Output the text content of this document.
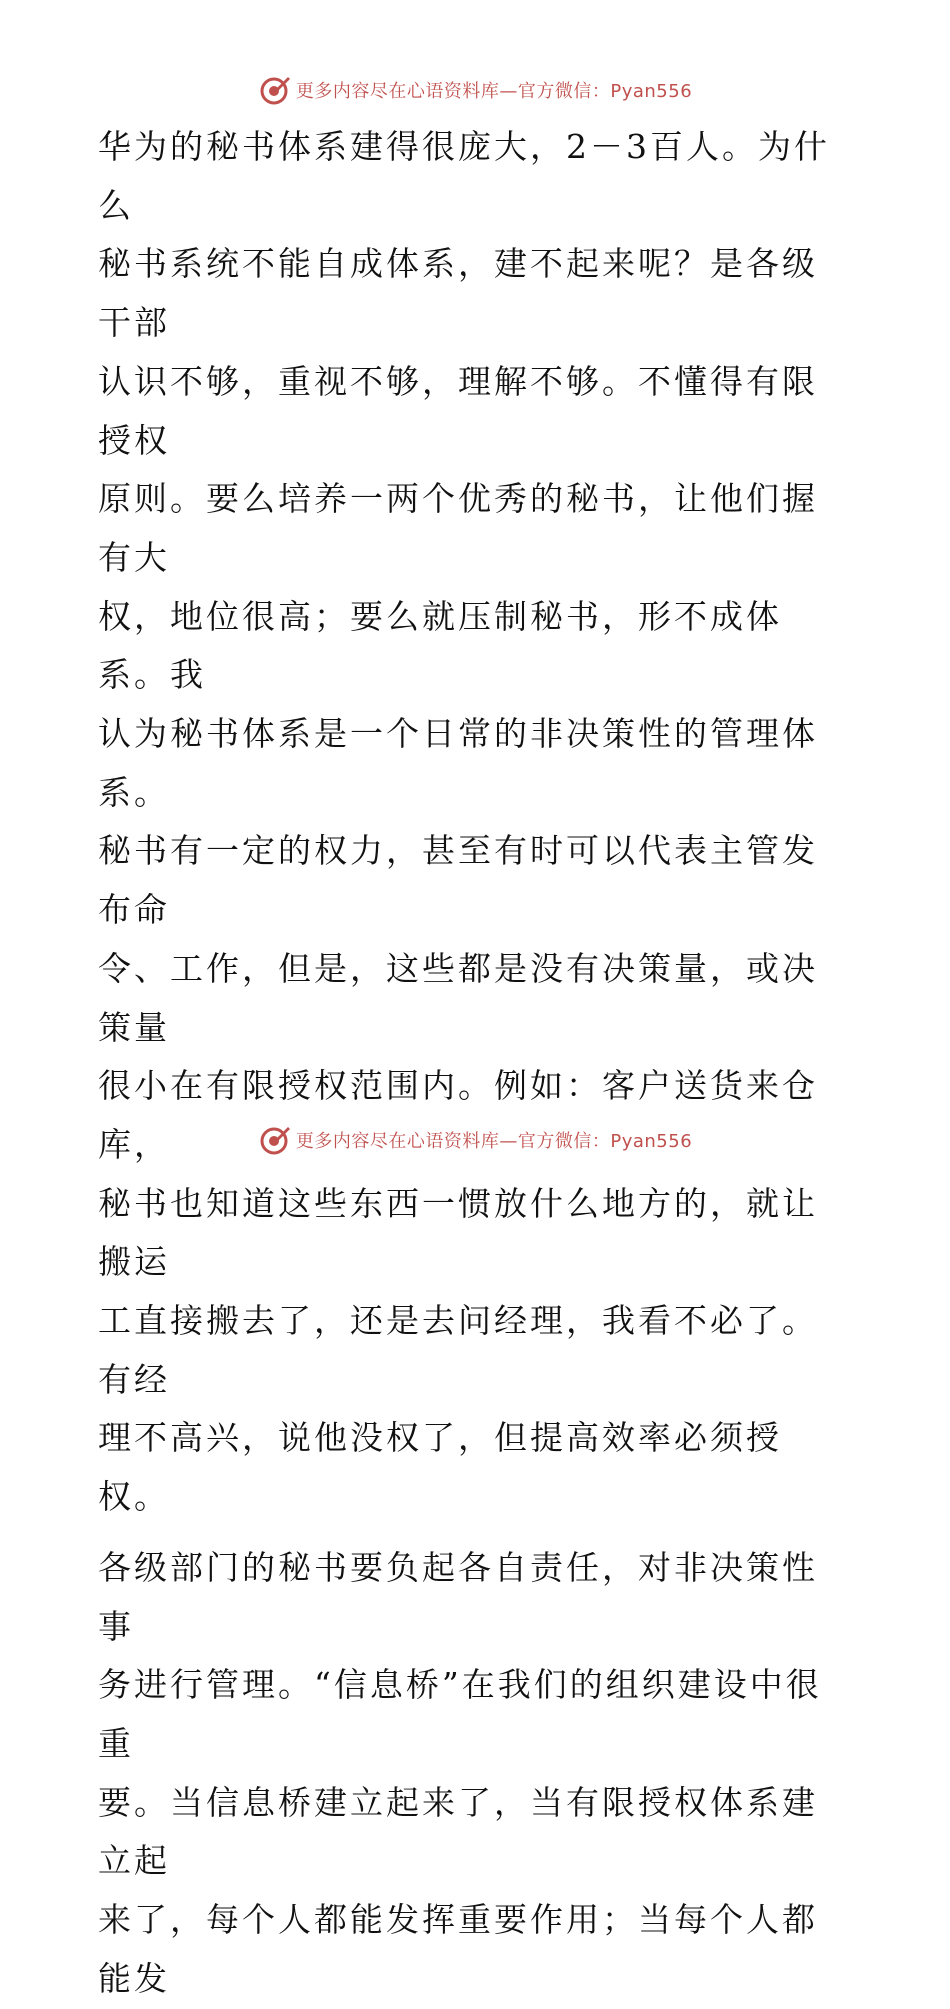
更多内容尽在心语资料库—官方微信：Pyan556

华为的秘书体系建得很庞大，2－3百人。为什么
秘书系统不能自成体系，建不起来呢？是各级干部
认识不够，重视不够，理解不够。不懂得有限授权
原则。要么培养一两个优秀的秘书，让他们握有大
权，地位很高；要么就压制秘书，形不成体系。我
认为秘书体系是一个日常的非决策性的管理体系。
秘书有一定的权力，甚至有时可以代表主管发布命
令、工作，但是，这些都是没有决策量，或决策量
很小在有限授权范围内。例如：客户送货来仓库，
秘书也知道这些东西一惯放什么地方的，就让搬运
工直接搬去了，还是去问经理，我看不必了。有经
理不高兴，说他没权了，但提高效率必须授权。

各级部门的秘书要负起各自责任，对非决策性事
务进行管理。“信息桥”在我们的组织建设中很重
要。当信息桥建立起来了，当有限授权体系建立起
来了，每个人都能发挥重要作用；当每个人都能发

更多内容尽在心语资料库—官方微信：Pyan556
